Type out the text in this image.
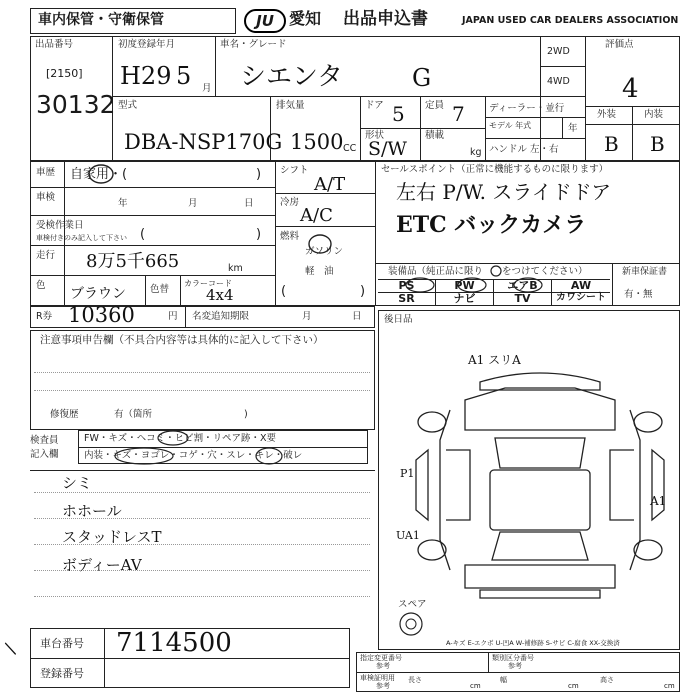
車内保管・守衛保管	JU 愛知 出品申込書	JAPAN USED CAR DEALERS ASSOCIATION
出品番号
[2150]
30132
初度登録年月
H29 5 月
車名・グレード
シエンタ	G
2WD
4WD
評価点
4
外装	内装
B B
型式
DBA-NSP170G
排気量
1500 CC
ドア 5
形状
S/W
定員 7
積載
kg
ディーラー・並行
モデル 年式	年
ハンドル 左・右
車歴 自家用・(	)
車検
年	月	日
受検作業日
車検付きのみ記入して下さい (	)
走行 8万5千665	km
色
ブラウン	色替
カラーコード
4x4
シフト
A/T
冷房
A/C
燃料
ガソリン
軽　油
(	)
セールスポイント（正常に機能するものに限ります）
左右 P/W. スライドドア
ETC バックカメラ
装備品（純正品に限り をつけてください）
PS	PW	エアB	AW
SR	ナビ	TV	カワシート
新車保証書
有・無
R券 10360	円 名変追知期限	月	日
注意事項申告欄（不具合内容等は具体的に記入して下さい）
修復歴	有（箇所	)
検査員
記入欄
FW・キズ・ヘコミ・ヒビ割・リペア跡・X要
内装・キズ・ヨゴレ・コゲ・穴・スレ・キレ・破レ
シミ
ホホール
スタッドレスT
ボディーAV
車台番号 7114500
登録番号
/
後日品
A1 スリA
A1
P1
UA1
スペア
A-キズ E-エクボ U-凹A W-補修跡 S-サビ C-腐食 XX-交換済
指定変更番号
参考
類別区分番号
参考
車検証明用
参考
長さ
cm
幅
cm
高さ
cm
